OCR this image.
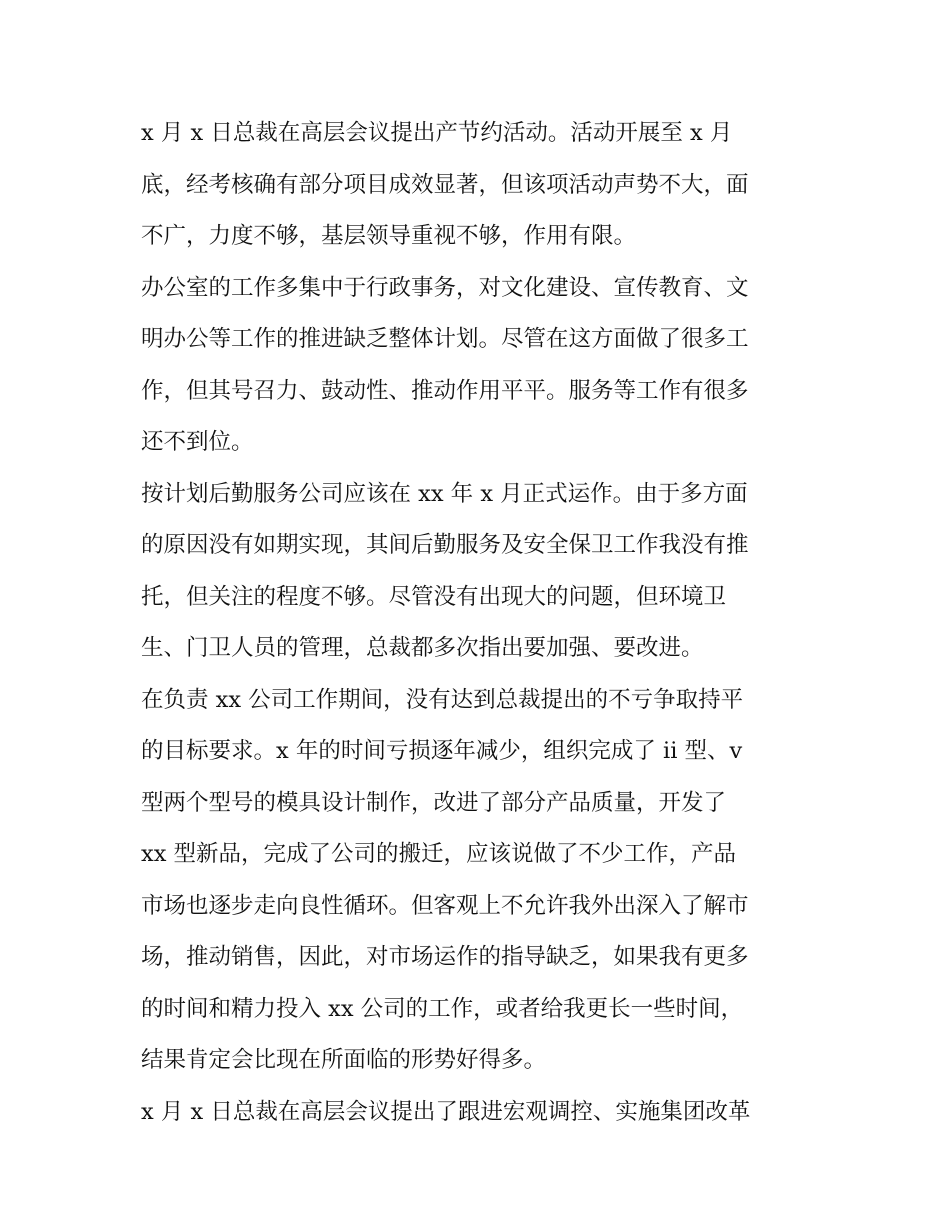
x 月 x 日总裁在高层会议提出产节约活动。活动开展至 x 月
底，经考核确有部分项目成效显著，但该项活动声势不大，面
不广，力度不够，基层领导重视不够，作用有限。
办公室的工作多集中于行政事务，对文化建设、宣传教育、文
明办公等工作的推进缺乏整体计划。尽管在这方面做了很多工
作，但其号召力、鼓动性、推动作用平平。服务等工作有很多
还不到位。
按计划后勤服务公司应该在 xx 年 x 月正式运作。由于多方面
的原因没有如期实现，其间后勤服务及安全保卫工作我没有推
托，但关注的程度不够。尽管没有出现大的问题，但环境卫
生、门卫人员的管理，总裁都多次指出要加强、要改进。
在负责 xx 公司工作期间，没有达到总裁提出的不亏争取持平
的目标要求。x 年的时间亏损逐年减少，组织完成了 ii 型、v
型两个型号的模具设计制作，改进了部分产品质量，开发了
xx 型新品，完成了公司的搬迁，应该说做了不少工作，产品
市场也逐步走向良性循环。但客观上不允许我外出深入了解市
场，推动销售，因此，对市场运作的指导缺乏，如果我有更多
的时间和精力投入 xx 公司的工作，或者给我更长一些时间，
结果肯定会比现在所面临的形势好得多。
x 月 x 日总裁在高层会议提出了跟进宏观调控、实施集团改革
